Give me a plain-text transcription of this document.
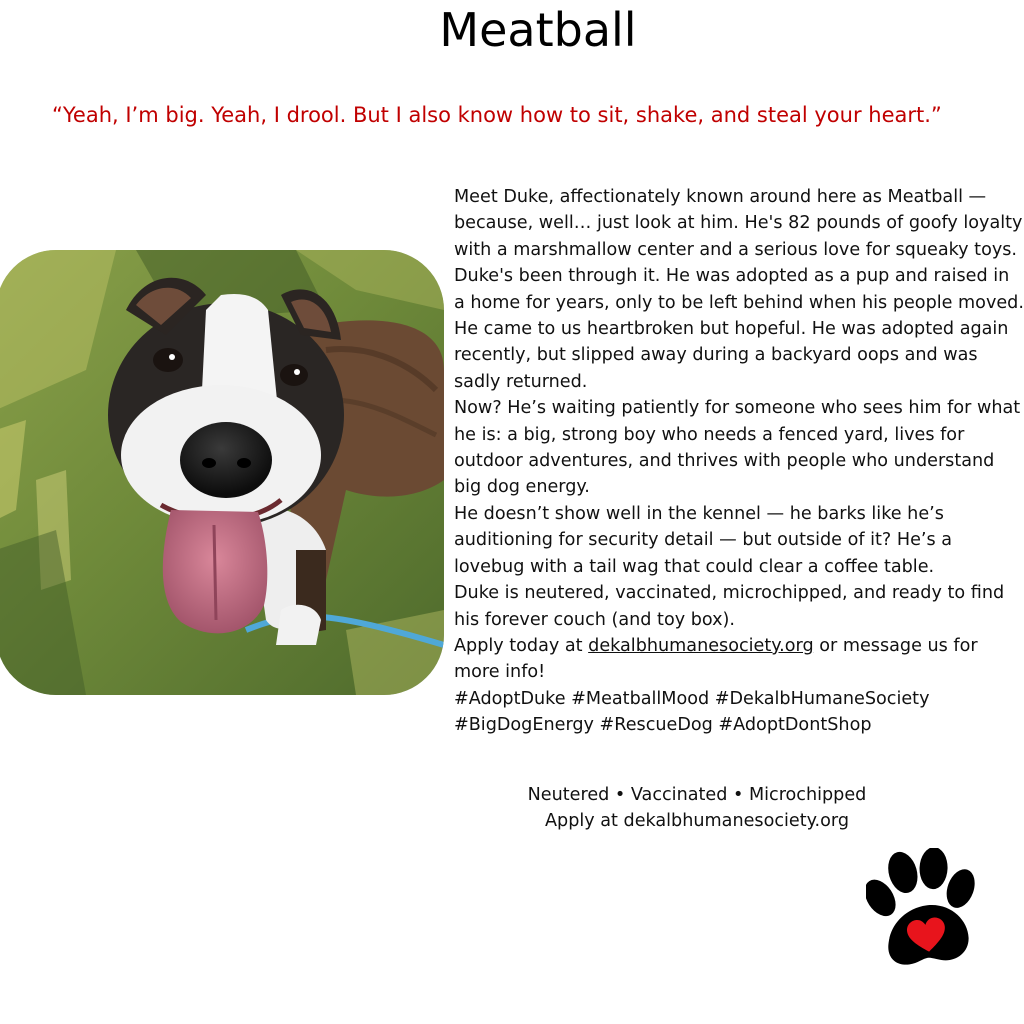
Meatball
“Yeah, I’m big. Yeah, I drool. But I also know how to sit, shake, and steal your heart.”

Meet Duke, affectionately known around here as Meatball — because, well… just look at him. He's 82 pounds of goofy loyalty with a marshmallow center and a serious love for squeaky toys.

Duke's been through it. He was adopted as a pup and raised in a home for years, only to be left behind when his people moved. He came to us heartbroken but hopeful. He was adopted again recently, but slipped away during a backyard oops and was sadly returned.

Now? He’s waiting patiently for someone who sees him for what he is: a big, strong boy who needs a fenced yard, lives for outdoor adventures, and thrives with people who understand big dog energy.

He doesn’t show well in the kennel — he barks like he’s auditioning for security detail — but outside of it? He’s a lovebug with a tail wag that could clear a coffee table.

Duke is neutered, vaccinated, microchipped, and ready to find his forever couch (and toy box).

Apply today at dekalbhumanesociety.org or message us for more info!

#AdoptDuke #MeatballMood #DekalbHumaneSociety #BigDogEnergy #RescueDog #AdoptDontShop

Neutered • Vaccinated • Microchipped
Apply at dekalbhumanesociety.org
